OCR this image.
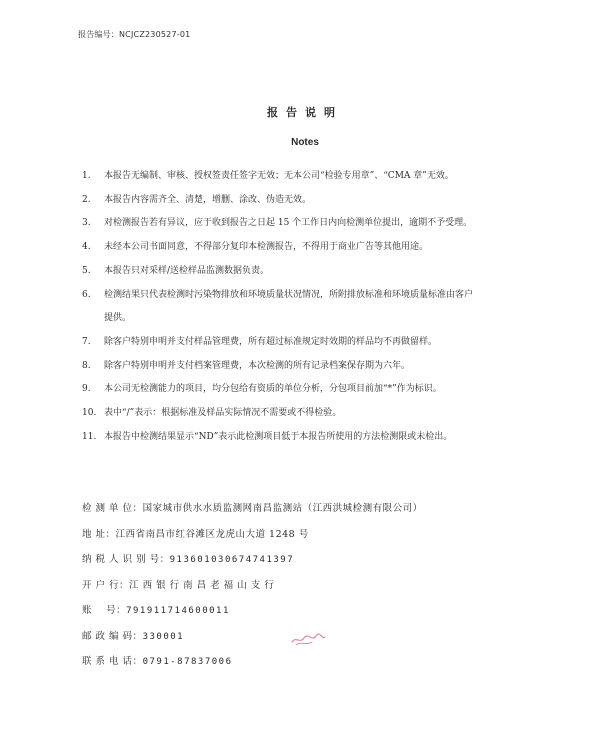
报告编号：NCJCZ230527-01
报告说明
Notes
1.	本报告无编制、审核、授权签责任签字无效；无本公司“检验专用章”、“CMA 章”无效。
2.	本报告内容需齐全、清楚，增删、涂改、伪造无效。
3.	对检测报告若有异议，应于收到报告之日起 15 个工作日内向检测单位提出，逾期不予受理。
4.	未经本公司书面同意，不得部分复印本检测报告，不得用于商业广告等其他用途。
5.	本报告只对采样/送检样品监测数据负责。
6.	检测结果只代表检测时污染物排放和环境质量状况情况，所附排放标准和环境质量标准由客户
提供。
7.	除客户特别申明并支付样品管理费，所有超过标准规定时效期的样品均不再做留样。
8.	除客户特别申明并支付档案管理费，本次检测的所有记录档案保存期为六年。
9.	本公司无检测能力的项目，均分包给有资质的单位分析，分包项目前加“*”作为标识。
10. 表中“/”表示：根据标准及样品实际情况不需要或不得检验。
11. 本报告中检测结果显示“ND”表示此检测项目低于本报告所使用的方法检测限或未检出。
检 测 单 位：国家城市供水水质监测网南昌监测站（江西洪城检测有限公司）
地 址：江西省南昌市红谷滩区龙虎山大道 1248 号
纳 税 人 识 别 号：913601030674741397
开 户 行：江 西 银 行 南 昌 老 福 山 支 行
账    号：791911714600011
邮 政 编 码：330001
联 系 电 话：0791-87837006
